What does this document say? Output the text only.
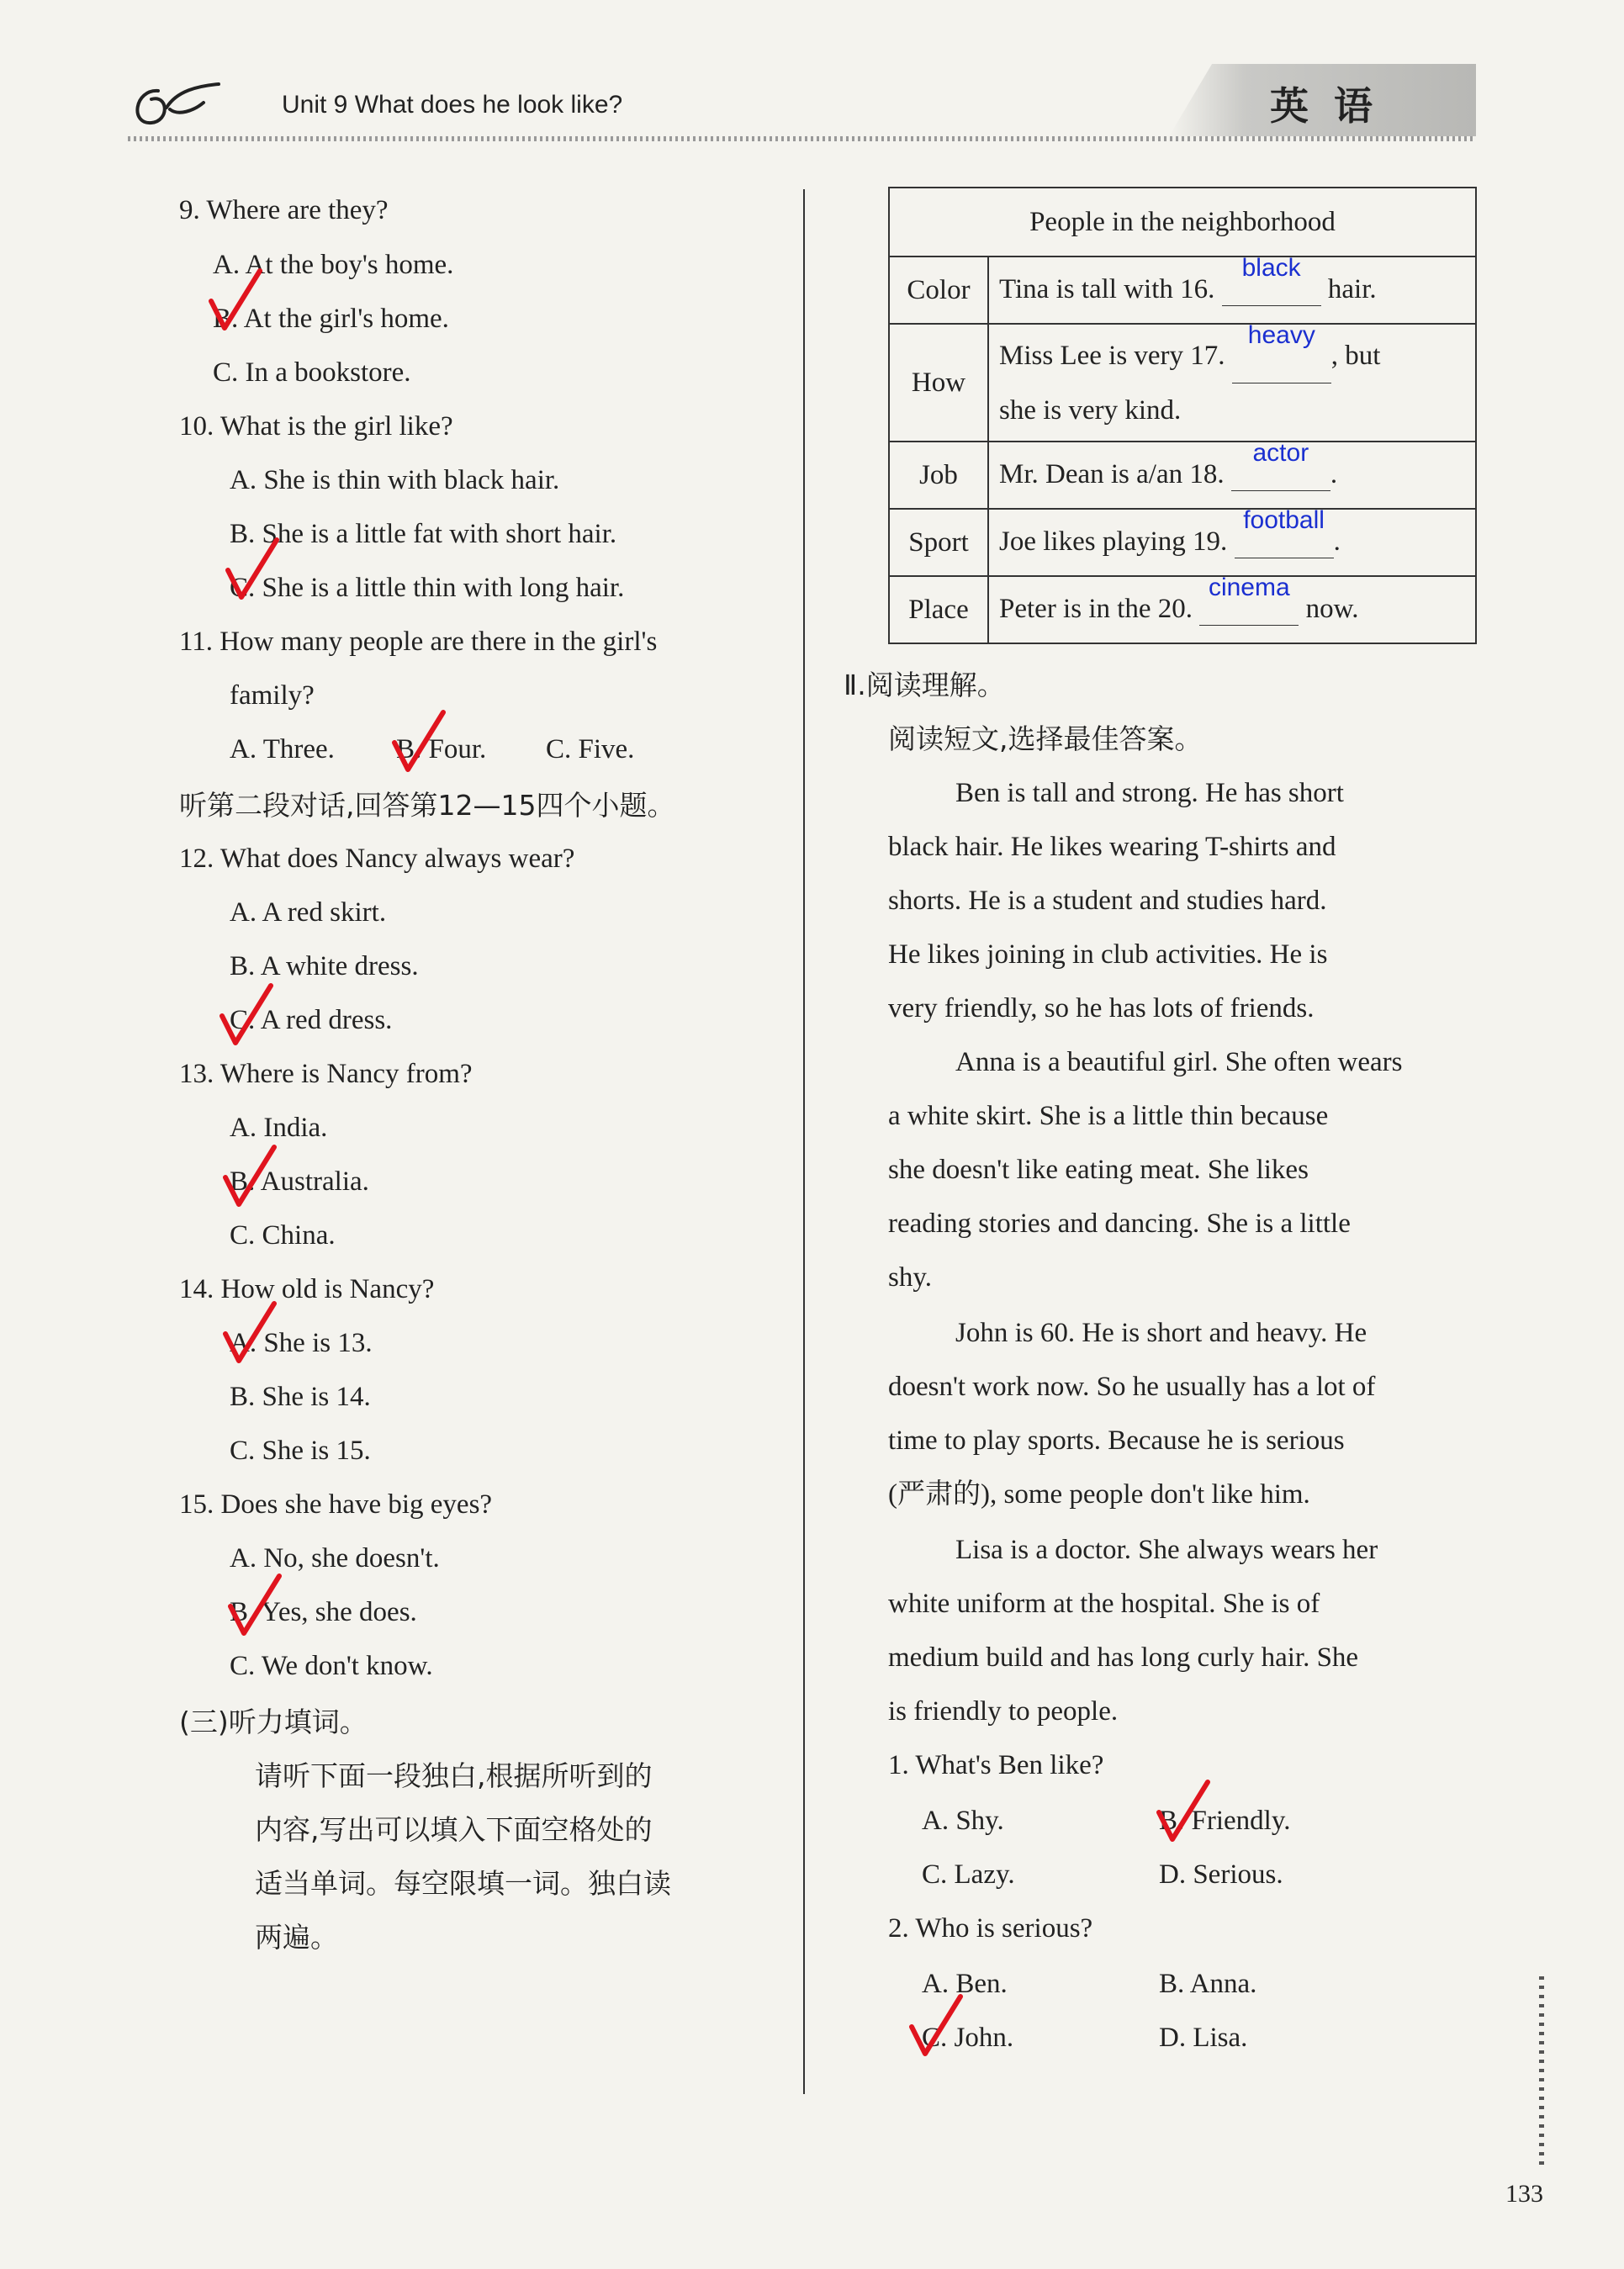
Unit 9 What does he look like?	英语
9. Where are they?
A. At the boy's home.
B. At the girl's home.
C. In a bookstore.
10. What is the girl like?
A. She is thin with black hair.
B. She is a little fat with short hair.
C. She is a little thin with long hair.
11. How many people are there in the girl's
family?
A. Three. B. Four. C. Five.
听第二段对话,回答第12—15四个小题。
12. What does Nancy always wear?
A. A red skirt.
B. A white dress.
C. A red dress.
13. Where is Nancy from?
A. India.
B. Australia.
C. China.
14. How old is Nancy?
A. She is 13.
B. She is 14.
C. She is 15.
15. Does she have big eyes?
A. No, she doesn't.
B. Yes, she does.
C. We don't know.
(三)听力填词。
请听下面一段独白,根据所听到的
内容,写出可以填入下面空格处的
适当单词。每空限填一词。独白读
两遍。
People in the neighborhood	
Color	Tina is tall with 16.
black
hair.
How	Miss Lee is very 17.
heavy
, but
she is very kind.
Job	Mr. Dean is a/an 18.
actor
.
Sport	Joe likes playing 19.
football
.
Place	Peter is in the 20.
cinema
now.
Ⅱ.阅读理解。
阅读短文,选择最佳答案。
Ben is tall and strong. He has short
black hair. He likes wearing T-shirts and
shorts. He is a student and studies hard.
He likes joining in club activities. He is
very friendly, so he has lots of friends.
Anna is a beautiful girl. She often wears
a white skirt. She is a little thin because
she doesn't like eating meat. She likes
reading stories and dancing. She is a little
shy.
John is 60. He is short and heavy. He
doesn't work now. So he usually has a lot of
time to play sports. Because he is serious
(严肃的), some people don't like him.
Lisa is a doctor. She always wears her
white uniform at the hospital. She is of
medium build and has long curly hair. She
is friendly to people.
1. What's Ben like?
A. Shy.	B. Friendly.
C. Lazy.	D. Serious.
2. Who is serious?
A. Ben.	B. Anna.
C. John.	D. Lisa.
133
